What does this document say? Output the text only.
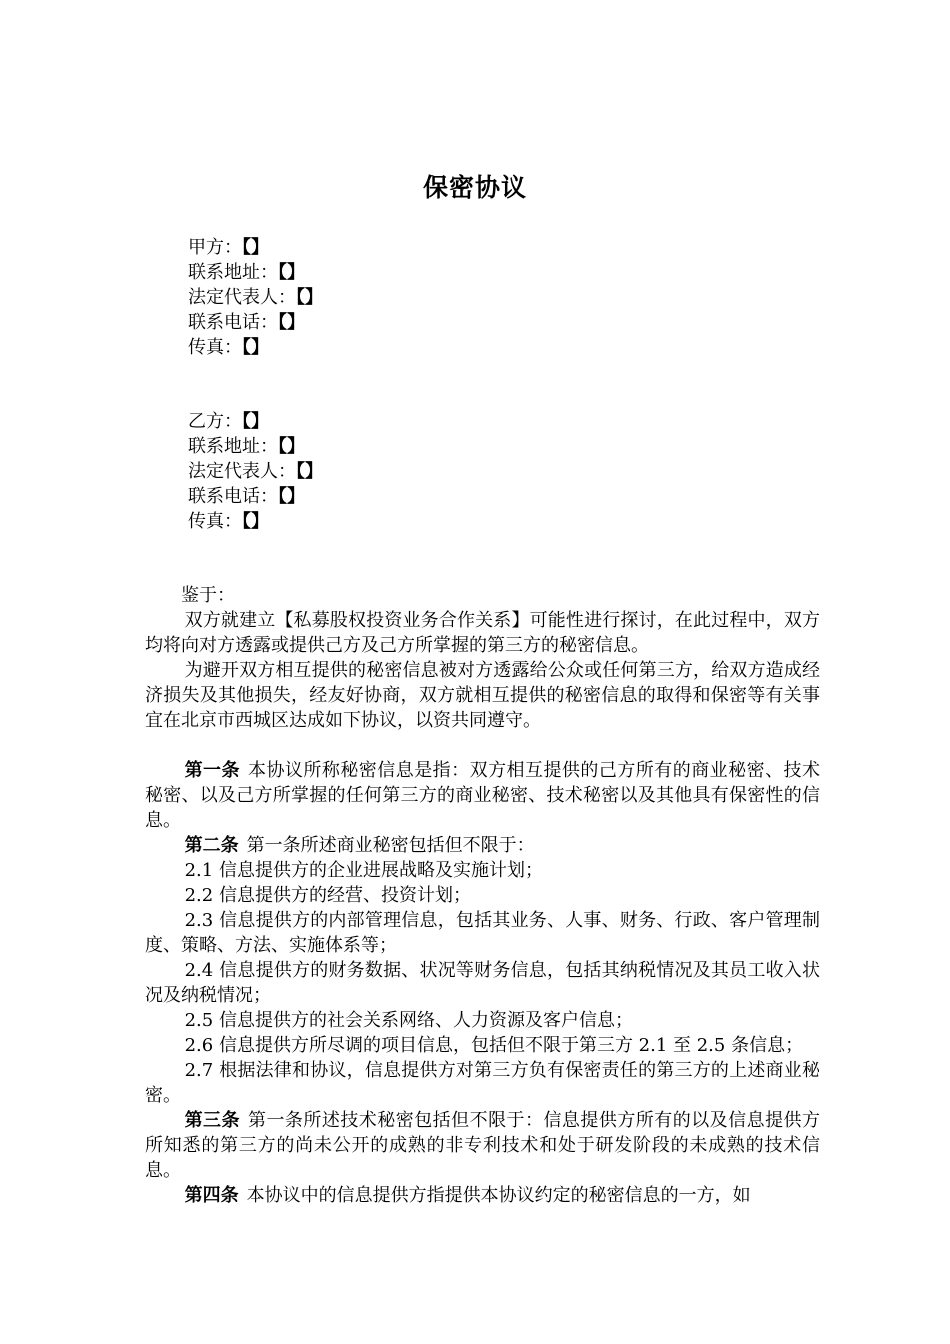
保密协议
甲方：【】
联系地址：【】
法定代表人：【】
联系电话：【】
传真：【】
乙方：【】
联系地址：【】
法定代表人：【】
联系电话：【】
传真：【】

鉴于：

双方就建立【私募股权投资业务合作关系】可能性进行探讨，在此过程中，双方均将向对方透露或提供己方及己方所掌握的第三方的秘密信息。

为避开双方相互提供的秘密信息被对方透露给公众或任何第三方，给双方造成经济损失及其他损失，经友好协商，双方就相互提供的秘密信息的取得和保密等有关事宜在北京市西城区达成如下协议，以资共同遵守。

第一条 本协议所称秘密信息是指：双方相互提供的己方所有的商业秘密、技术秘密、以及己方所掌握的任何第三方的商业秘密、技术秘密以及其他具有保密性的信息。

第二条 第一条所述商业秘密包括但不限于：

2.1 信息提供方的企业进展战略及实施计划；

2.2 信息提供方的经营、投资计划；

2.3 信息提供方的内部管理信息，包括其业务、人事、财务、行政、客户管理制度、策略、方法、实施体系等；

2.4 信息提供方的财务数据、状况等财务信息，包括其纳税情况及其员工收入状况及纳税情况；

2.5 信息提供方的社会关系网络、人力资源及客户信息；

2.6 信息提供方所尽调的项目信息，包括但不限于第三方 2.1 至 2.5 条信息；

2.7 根据法律和协议，信息提供方对第三方负有保密责任的第三方的上述商业秘密。

第三条 第一条所述技术秘密包括但不限于：信息提供方所有的以及信息提供方所知悉的第三方的尚未公开的成熟的非专利技术和处于研发阶段的未成熟的技术信息。

第四条 本协议中的信息提供方指提供本协议约定的秘密信息的一方，如
